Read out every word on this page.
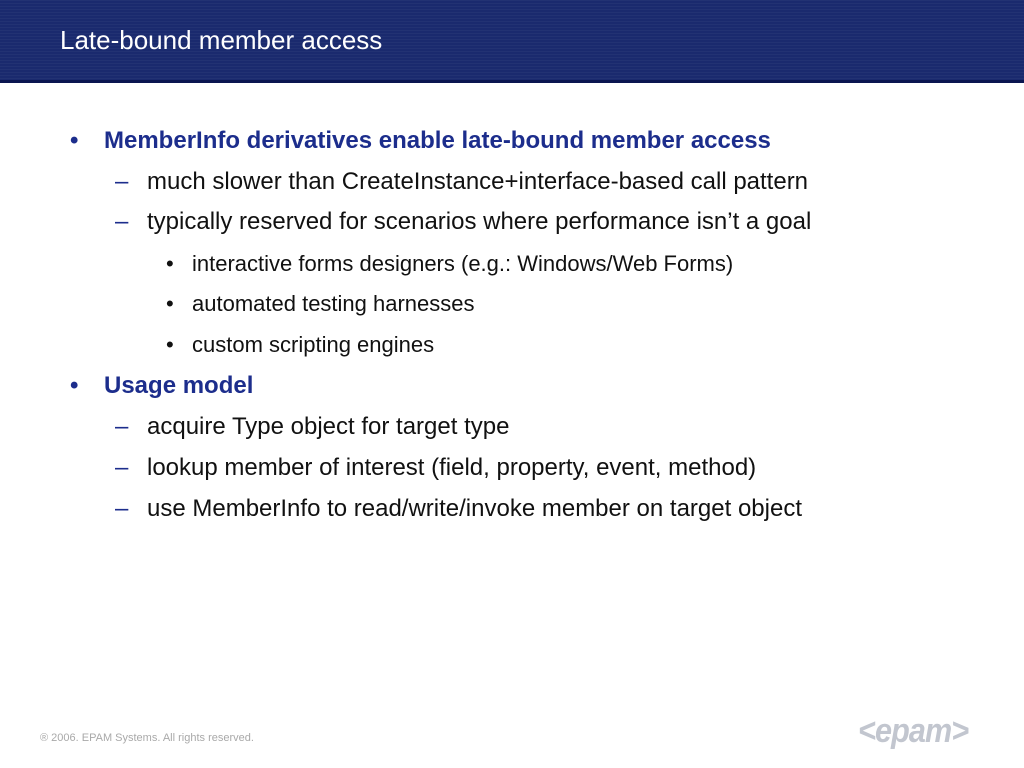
Late-bound member access
• MemberInfo derivatives enable late-bound member access
– much slower than CreateInstance+interface-based call pattern
– typically reserved for scenarios where performance isn’t a goal
• interactive forms designers (e.g.: Windows/Web Forms)
• automated testing harnesses
• custom scripting engines
• Usage model
– acquire Type object for target type
– lookup member of interest (field, property, event, method)
– use MemberInfo to read/write/invoke member on target object
® 2006. EPAM Systems. All rights reserved.	<epam>
